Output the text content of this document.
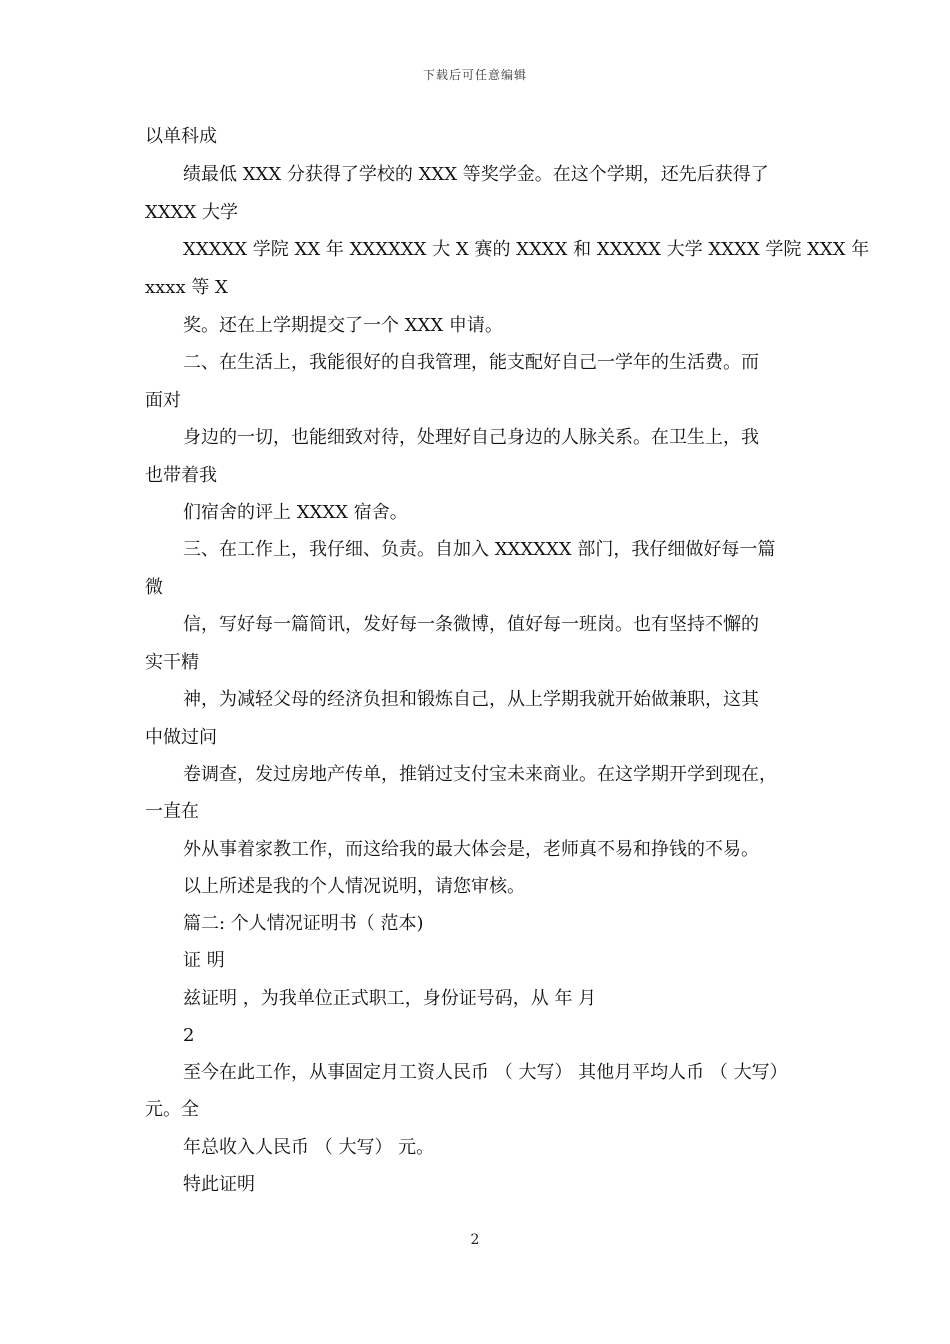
下载后可任意编辑
以单科成
绩最低 XXX 分获得了学校的 XXX 等奖学金。在这个学期，还先后获得了
XXXX 大学
XXXXX 学院 XX 年 XXXXXX 大 X 赛的 XXXX 和 XXXXX 大学 XXXX 学院 XXX 年
xxxx 等 X
奖。还在上学期提交了一个 XXX 申请。
二、在生活上，我能很好的自我管理，能支配好自己一学年的生活费。而
面对
身边的一切，也能细致对待，处理好自己身边的人脉关系。在卫生上，我
也带着我
们宿舍的评上 XXXX 宿舍。
三、在工作上，我仔细、负责。自加入 XXXXXX 部门，我仔细做好每一篇
微
信，写好每一篇简讯，发好每一条微博，值好每一班岗。也有坚持不懈的
实干精
神，为减轻父母的经济负担和锻炼自己，从上学期我就开始做兼职，这其
中做过问
卷调查，发过房地产传单，推销过支付宝未来商业。在这学期开学到现在，
一直在
外从事着家教工作，而这给我的最大体会是，老师真不易和挣钱的不易。
以上所述是我的个人情况说明，请您审核。
篇二: 个人情况证明书（ 范本)
证 明
兹证明 ，为我单位正式职工，身份证号码，从 年 月
2
至今在此工作，从事固定月工资人民币 （ 大写） 其他月平均人币 （ 大写）
元。全
年总收入人民币 （ 大写） 元。
特此证明
2
